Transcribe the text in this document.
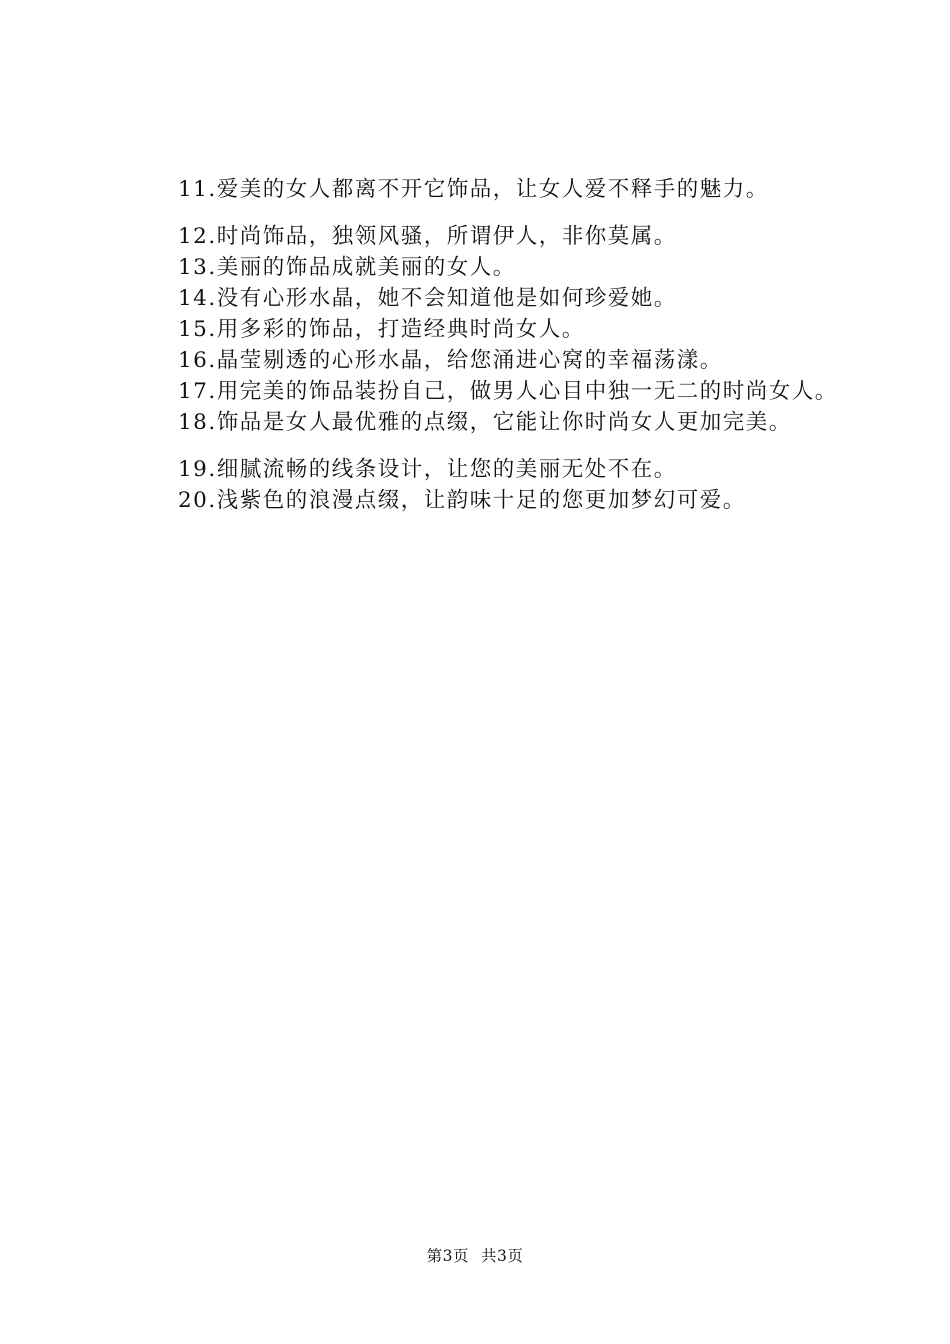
11.爱美的女人都离不开它饰品，让女人爱不释手的魅力。

12.时尚饰品，独领风骚，所谓伊人，非你莫属。

13.美丽的饰品成就美丽的女人。

14.没有心形水晶，她不会知道他是如何珍爱她。

15.用多彩的饰品，打造经典时尚女人。

16.晶莹剔透的心形水晶，给您涌进心窝的幸福荡漾。

17.用完美的饰品装扮自己，做男人心目中独一无二的时尚女人。

18.饰品是女人最优雅的点缀，它能让你时尚女人更加完美。

19.细腻流畅的线条设计，让您的美丽无处不在。

20.浅紫色的浪漫点缀，让韵味十足的您更加梦幻可爱。

第3页 共3页
